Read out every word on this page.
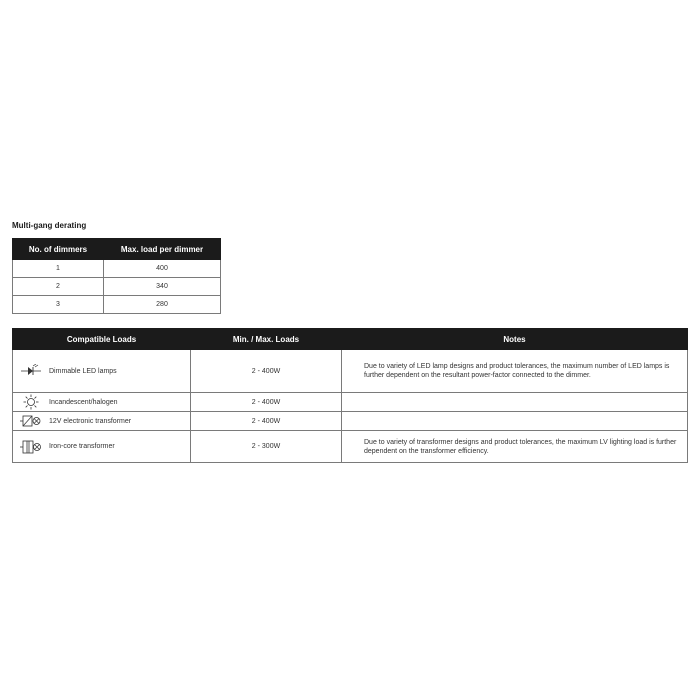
Multi-gang derating
No. of dimmers	Max. load per dimmer
1	400
2	340
3	280
Compatible Loads	Min. / Max. Loads	Notes

Dimmable LED lamps	2 - 400W	Due to variety of LED lamp designs and product tolerances, the maximum number of LED lamps is further dependent on the resultant power-factor connected to the dimmer.

Incandescent/halogen	2 - 400W	

12V electronic transformer	2 - 400W	

Iron-core transformer	2 - 300W	Due to variety of transformer designs and product tolerances, the maximum LV lighting load is further dependent on the transformer efficiency.
